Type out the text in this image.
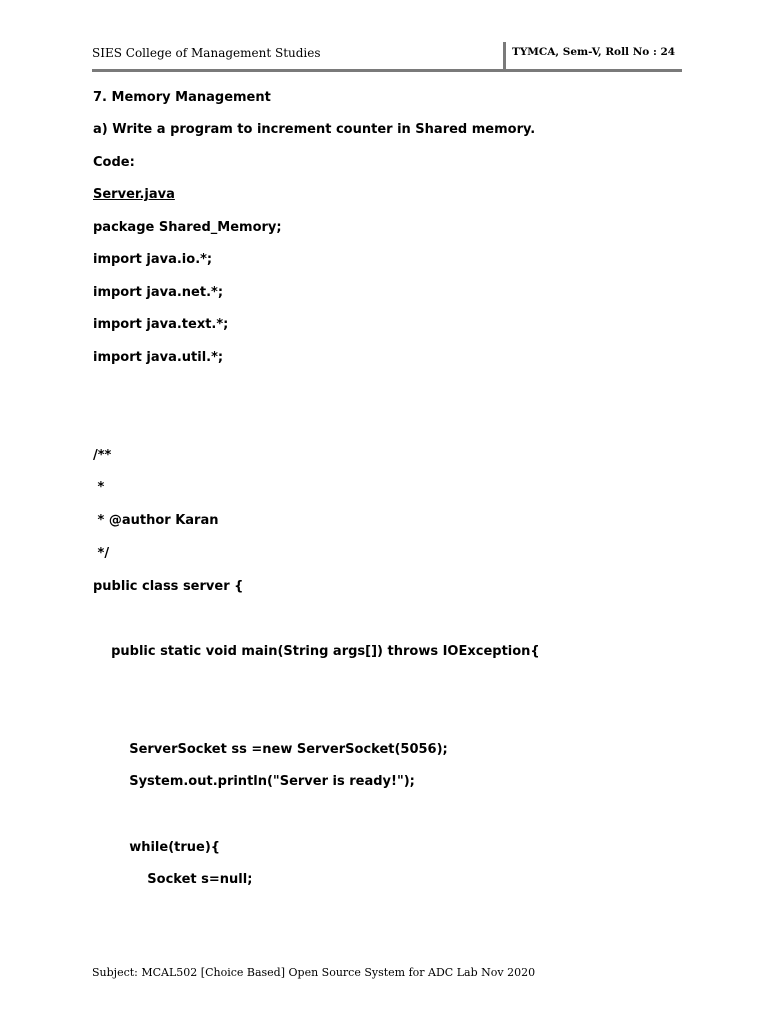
SIES College of Management Studies	TYMCA, Sem-V, Roll No : 24
7. Memory Management
a) Write a program to increment counter in Shared memory.
Code:
Server.java
package Shared_Memory;
import java.io.*;
import java.net.*;
import java.text.*;
import java.util.*;
/**
*
* @author Karan
*/
public class server {
public static void main(String args[]) throws IOException{
ServerSocket ss =new ServerSocket(5056);
System.out.println("Server is ready!");
while(true){
Socket s=null;
Subject: MCAL502 [Choice Based] Open Source System for ADC Lab Nov 2020
